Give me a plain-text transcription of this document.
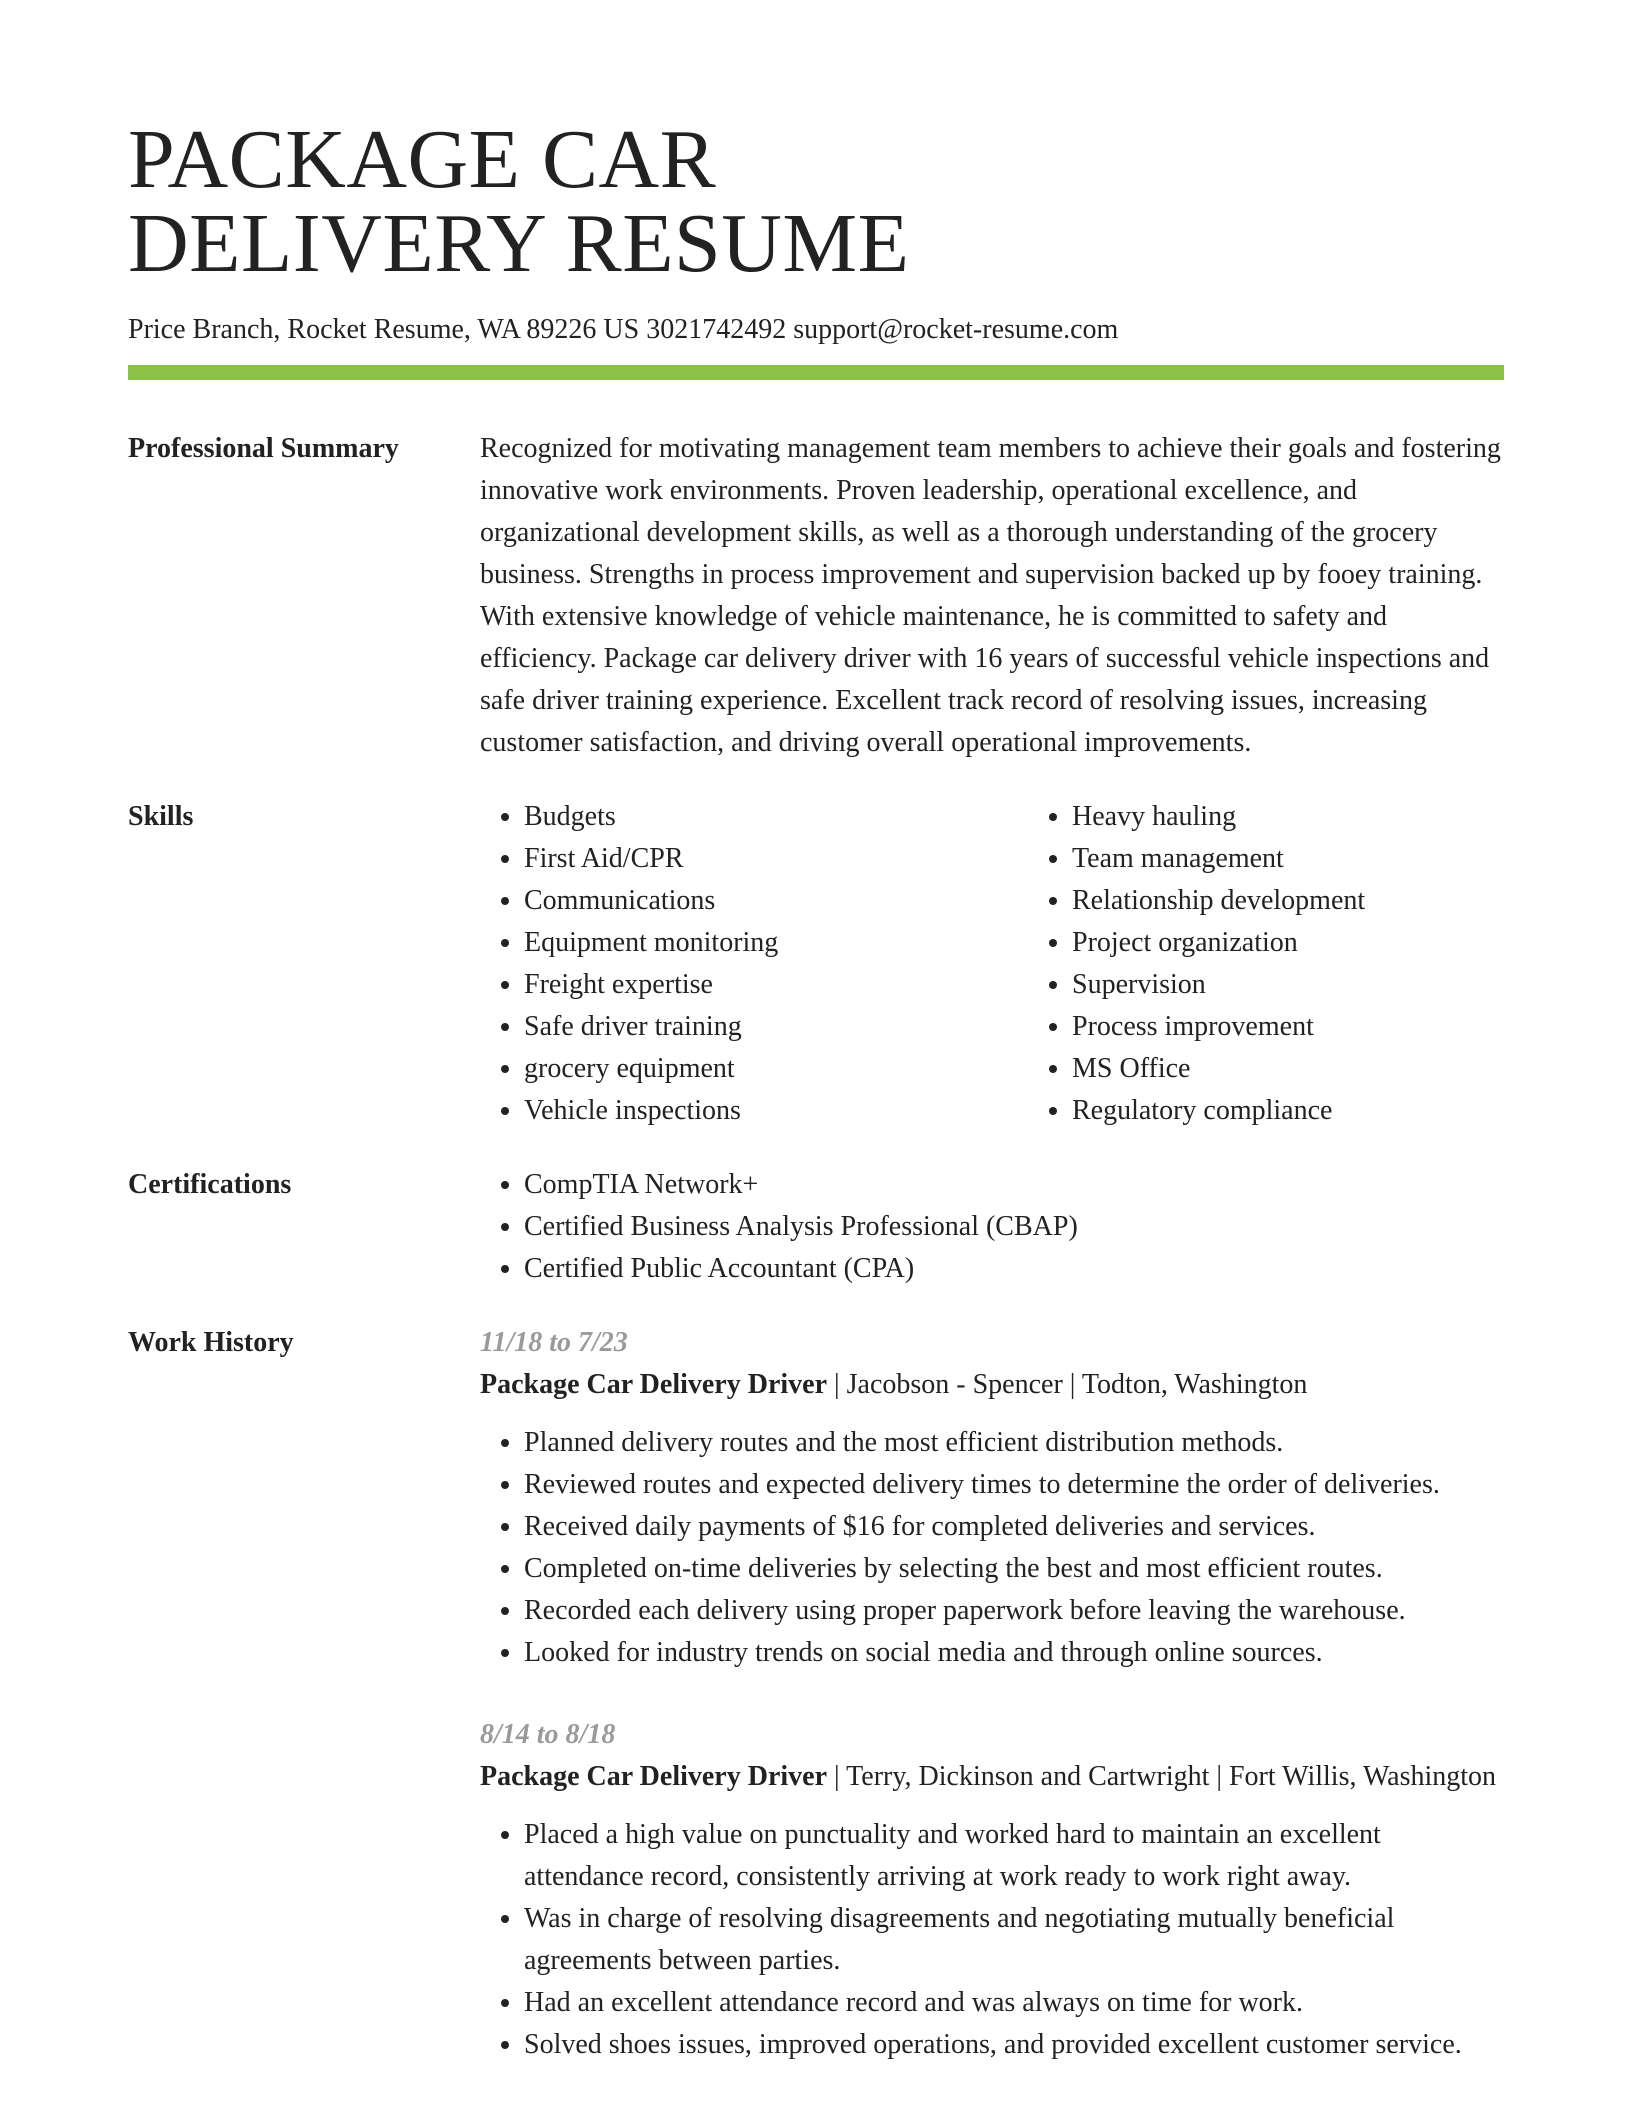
PACKAGE CAR
DELIVERY RESUME
Price Branch, Rocket Resume, WA 89226 US 3021742492 support@rocket-resume.com
Professional Summary	Recognized for motivating management team members to achieve their goals and fostering innovative work environments. Proven leadership, operational excellence, and organizational development skills, as well as a thorough understanding of the grocery business. Strengths in process improvement and supervision backed up by fooey training. With extensive knowledge of vehicle maintenance, he is committed to safety and efficiency. Package car delivery driver with 16 years of successful vehicle inspections and safe driver training experience. Excellent track record of resolving issues, increasing customer satisfaction, and driving overall operational improvements.

Skills	• Budgets
• First Aid/CPR
• Communications
• Equipment monitoring
• Freight expertise
• Safe driver training
• grocery equipment
• Vehicle inspections
• Heavy hauling
• Team management
• Relationship development
• Project organization
• Supervision
• Process improvement
• MS Office
• Regulatory compliance
Certifications	• CompTIA Network+
• Certified Business Analysis Professional (CBAP)
• Certified Public Accountant (CPA)
Work History	11/18 to 7/23
Package Car Delivery Driver | Jacobson - Spencer | Todton, Washington
• Planned delivery routes and the most efficient distribution methods.
• Reviewed routes and expected delivery times to determine the order of deliveries.
• Received daily payments of $16 for completed deliveries and services.
• Completed on-time deliveries by selecting the best and most efficient routes.
• Recorded each delivery using proper paperwork before leaving the warehouse.
• Looked for industry trends on social media and through online sources.
8/14 to 8/18
Package Car Delivery Driver | Terry, Dickinson and Cartwright | Fort Willis, Washington
• Placed a high value on punctuality and worked hard to maintain an excellent attendance record, consistently arriving at work ready to work right away.
• Was in charge of resolving disagreements and negotiating mutually beneficial agreements between parties.
• Had an excellent attendance record and was always on time for work.
• Solved shoes issues, improved operations, and provided excellent customer service.
